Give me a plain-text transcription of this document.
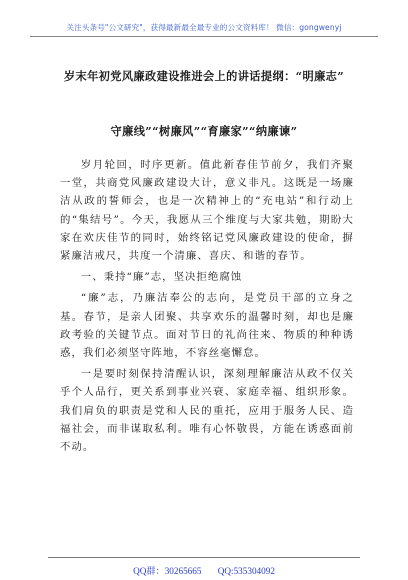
关注头条号"公文研究"，获得最新最全最专业的公文资料库！ 微信：gongwenyj
岁末年初党风廉政建设推进会上的讲话提纲：“明廉志”
守廉线”“树廉风”“育廉家”“纳廉谏”

岁月轮回，时序更新。值此新春佳节前夕，我们齐聚一堂，共商党风廉政建设大计，意义非凡。这既是一场廉洁从政的誓师会，也是一次精神上的“充电站”和行动上的“集结号”。今天，我愿从三个维度与大家共勉，期盼大家在欢庆佳节的同时，始终铭记党风廉政建设的使命，摒紧廉洁戒尺，共度一个清廉、喜庆、和谐的春节。

一、秉持“廉”志，坚决拒绝腐蚀

“廉”志，乃廉洁奉公的志向，是党员干部的立身之基。春节，是亲人团聚、共享欢乐的温馨时刻，却也是廉政考验的关键节点。面对节日的礼尚往来、物质的种种诱惑，我们必须坚守阵地，不容丝毫懈怠。

一是要时刻保持清醒认识，深刻理解廉洁从政不仅关乎个人品行，更关系到事业兴衰、家庭幸福、组织形象。我们肩负的职责是党和人民的重托，应用于服务人民、造福社会，而非谋取私利。唯有心怀敬畏，方能在诱惑面前不动。

QQ群：30265665 QQ:535304092
